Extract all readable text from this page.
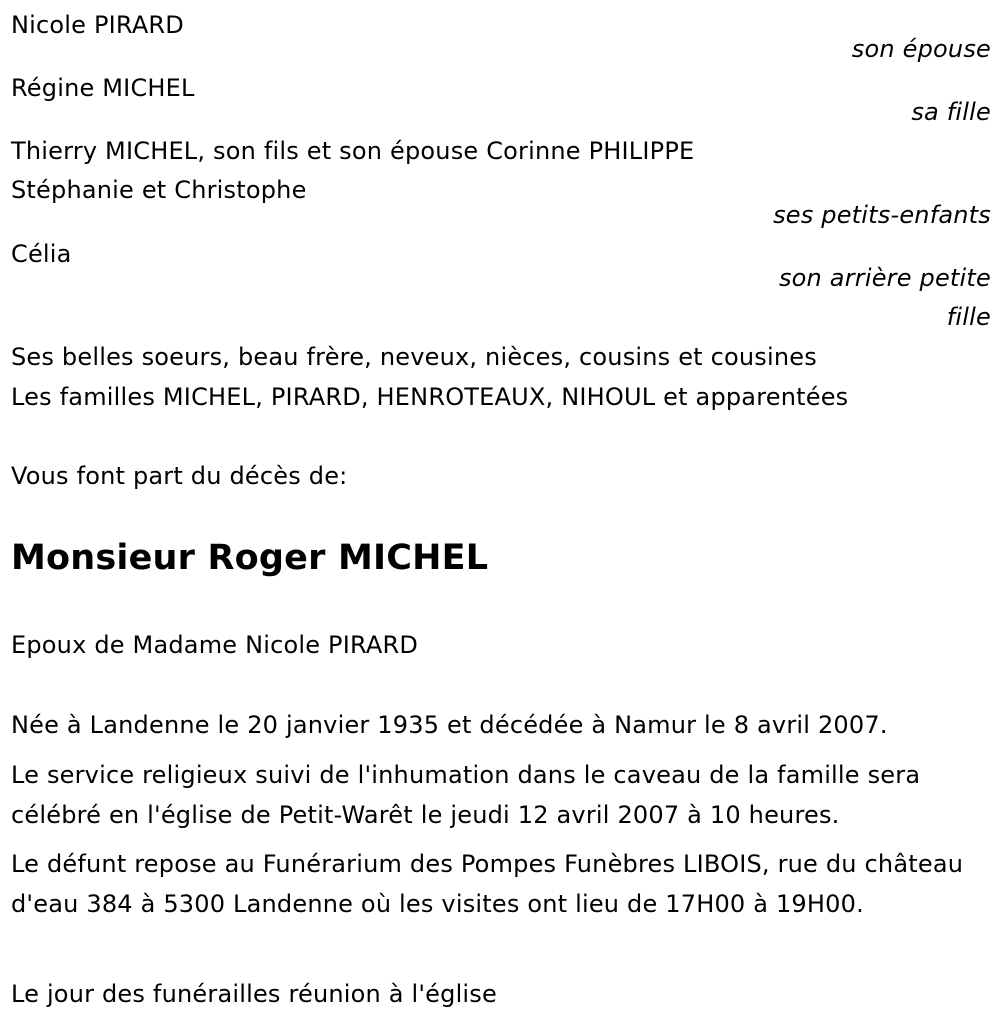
Nicole PIRARD
son épouse
Régine MICHEL
sa fille
Thierry MICHEL, son fils et son épouse Corinne PHILIPPE
Stéphanie et Christophe
ses petits-enfants
Célia
son arrière petite
fille
Ses belles soeurs, beau frère, neveux, nièces, cousins et cousines
Les familles MICHEL, PIRARD, HENROTEAUX, NIHOUL et apparentées
Vous font part du décès de:
Monsieur Roger MICHEL
Epoux de Madame Nicole PIRARD
Née à Landenne le 20 janvier 1935 et décédée à Namur le 8 avril 2007.
Le service religieux suivi de l'inhumation dans le caveau de la famille sera célébré en l'église de Petit-Warêt le jeudi 12 avril 2007 à 10 heures.
Le défunt repose au Funérarium des Pompes Funèbres LIBOIS, rue du château d'eau 384 à 5300 Landenne où les visites ont lieu de 17H00 à 19H00.
Le jour des funérailles réunion à l'église
